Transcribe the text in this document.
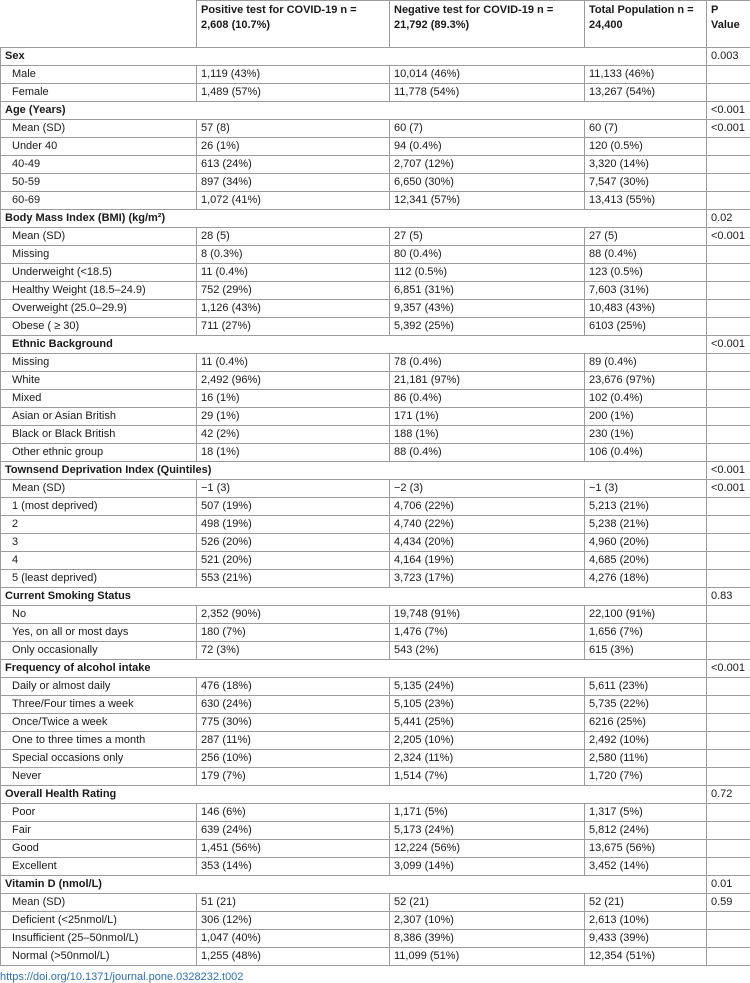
	Positive test for COVID-19 n = 2,608 (10.7%)	Negative test for COVID-19 n = 21,792 (89.3%)	Total Population n = 24,400	P Value
Sex				0.003
Male	1,119 (43%)	10,014 (46%)	11,133 (46%)	
Female	1,489 (57%)	11,778 (54%)	13,267 (54%)	
Age (Years)				<0.001
Mean (SD)	57 (8)	60 (7)	60 (7)	<0.001
Under 40	26 (1%)	94 (0.4%)	120 (0.5%)	
40-49	613 (24%)	2,707 (12%)	3,320 (14%)	
50-59	897 (34%)	6,650 (30%)	7,547 (30%)	
60-69	1,072 (41%)	12,341 (57%)	13,413 (55%)	
Body Mass Index (BMI) (kg/m²)				0.02
Mean (SD)	28 (5)	27 (5)	27 (5)	<0.001
Missing	8 (0.3%)	80 (0.4%)	88 (0.4%)	
Underweight (<18.5)	11 (0.4%)	112 (0.5%)	123 (0.5%)	
Healthy Weight (18.5–24.9)	752 (29%)	6,851 (31%)	7,603 (31%)	
Overweight (25.0–29.9)	1,126 (43%)	9,357 (43%)	10,483 (43%)	
Obese ( ≥ 30)	711 (27%)	5,392 (25%)	6103 (25%)	
Ethnic Background				<0.001
Missing	11 (0.4%)	78 (0.4%)	89 (0.4%)	
White	2,492 (96%)	21,181 (97%)	23,676 (97%)	
Mixed	16 (1%)	86 (0.4%)	102 (0.4%)	
Asian or Asian British	29 (1%)	171 (1%)	200 (1%)	
Black or Black British	42 (2%)	188 (1%)	230 (1%)	
Other ethnic group	18 (1%)	88 (0.4%)	106 (0.4%)	
Townsend Deprivation Index (Quintiles)				<0.001
Mean (SD)	−1 (3)	−2 (3)	−1 (3)	<0.001
1 (most deprived)	507 (19%)	4,706 (22%)	5,213 (21%)	
2	498 (19%)	4,740 (22%)	5,238 (21%)	
3	526 (20%)	4,434 (20%)	4,960 (20%)	
4	521 (20%)	4,164 (19%)	4,685 (20%)	
5 (least deprived)	553 (21%)	3,723 (17%)	4,276 (18%)	
Current Smoking Status				0.83
No	2,352 (90%)	19,748 (91%)	22,100 (91%)	
Yes, on all or most days	180 (7%)	1,476 (7%)	1,656 (7%)	
Only occasionally	72 (3%)	543 (2%)	615 (3%)	
Frequency of alcohol intake				<0.001
Daily or almost daily	476 (18%)	5,135 (24%)	5,611 (23%)	
Three/Four times a week	630 (24%)	5,105 (23%)	5,735 (22%)	
Once/Twice a week	775 (30%)	5,441 (25%)	6216 (25%)	
One to three times a month	287 (11%)	2,205 (10%)	2,492 (10%)	
Special occasions only	256 (10%)	2,324 (11%)	2,580 (11%)	
Never	179 (7%)	1,514 (7%)	1,720 (7%)	
Overall Health Rating				0.72
Poor	146 (6%)	1,171 (5%)	1,317 (5%)	
Fair	639 (24%)	5,173 (24%)	5,812 (24%)	
Good	1,451 (56%)	12,224 (56%)	13,675 (56%)	
Excellent	353 (14%)	3,099 (14%)	3,452 (14%)	
Vitamin D (nmol/L)				0.01
Mean (SD)	51 (21)	52 (21)	52 (21)	0.59
Deficient (<25nmol/L)	306 (12%)	2,307 (10%)	2,613 (10%)	
Insufficient (25–50nmol/L)	1,047 (40%)	8,386 (39%)	9,433 (39%)	
Normal (>50nmol/L)	1,255 (48%)	11,099 (51%)	12,354 (51%)	
https://doi.org/10.1371/journal.pone.0328232.t002
